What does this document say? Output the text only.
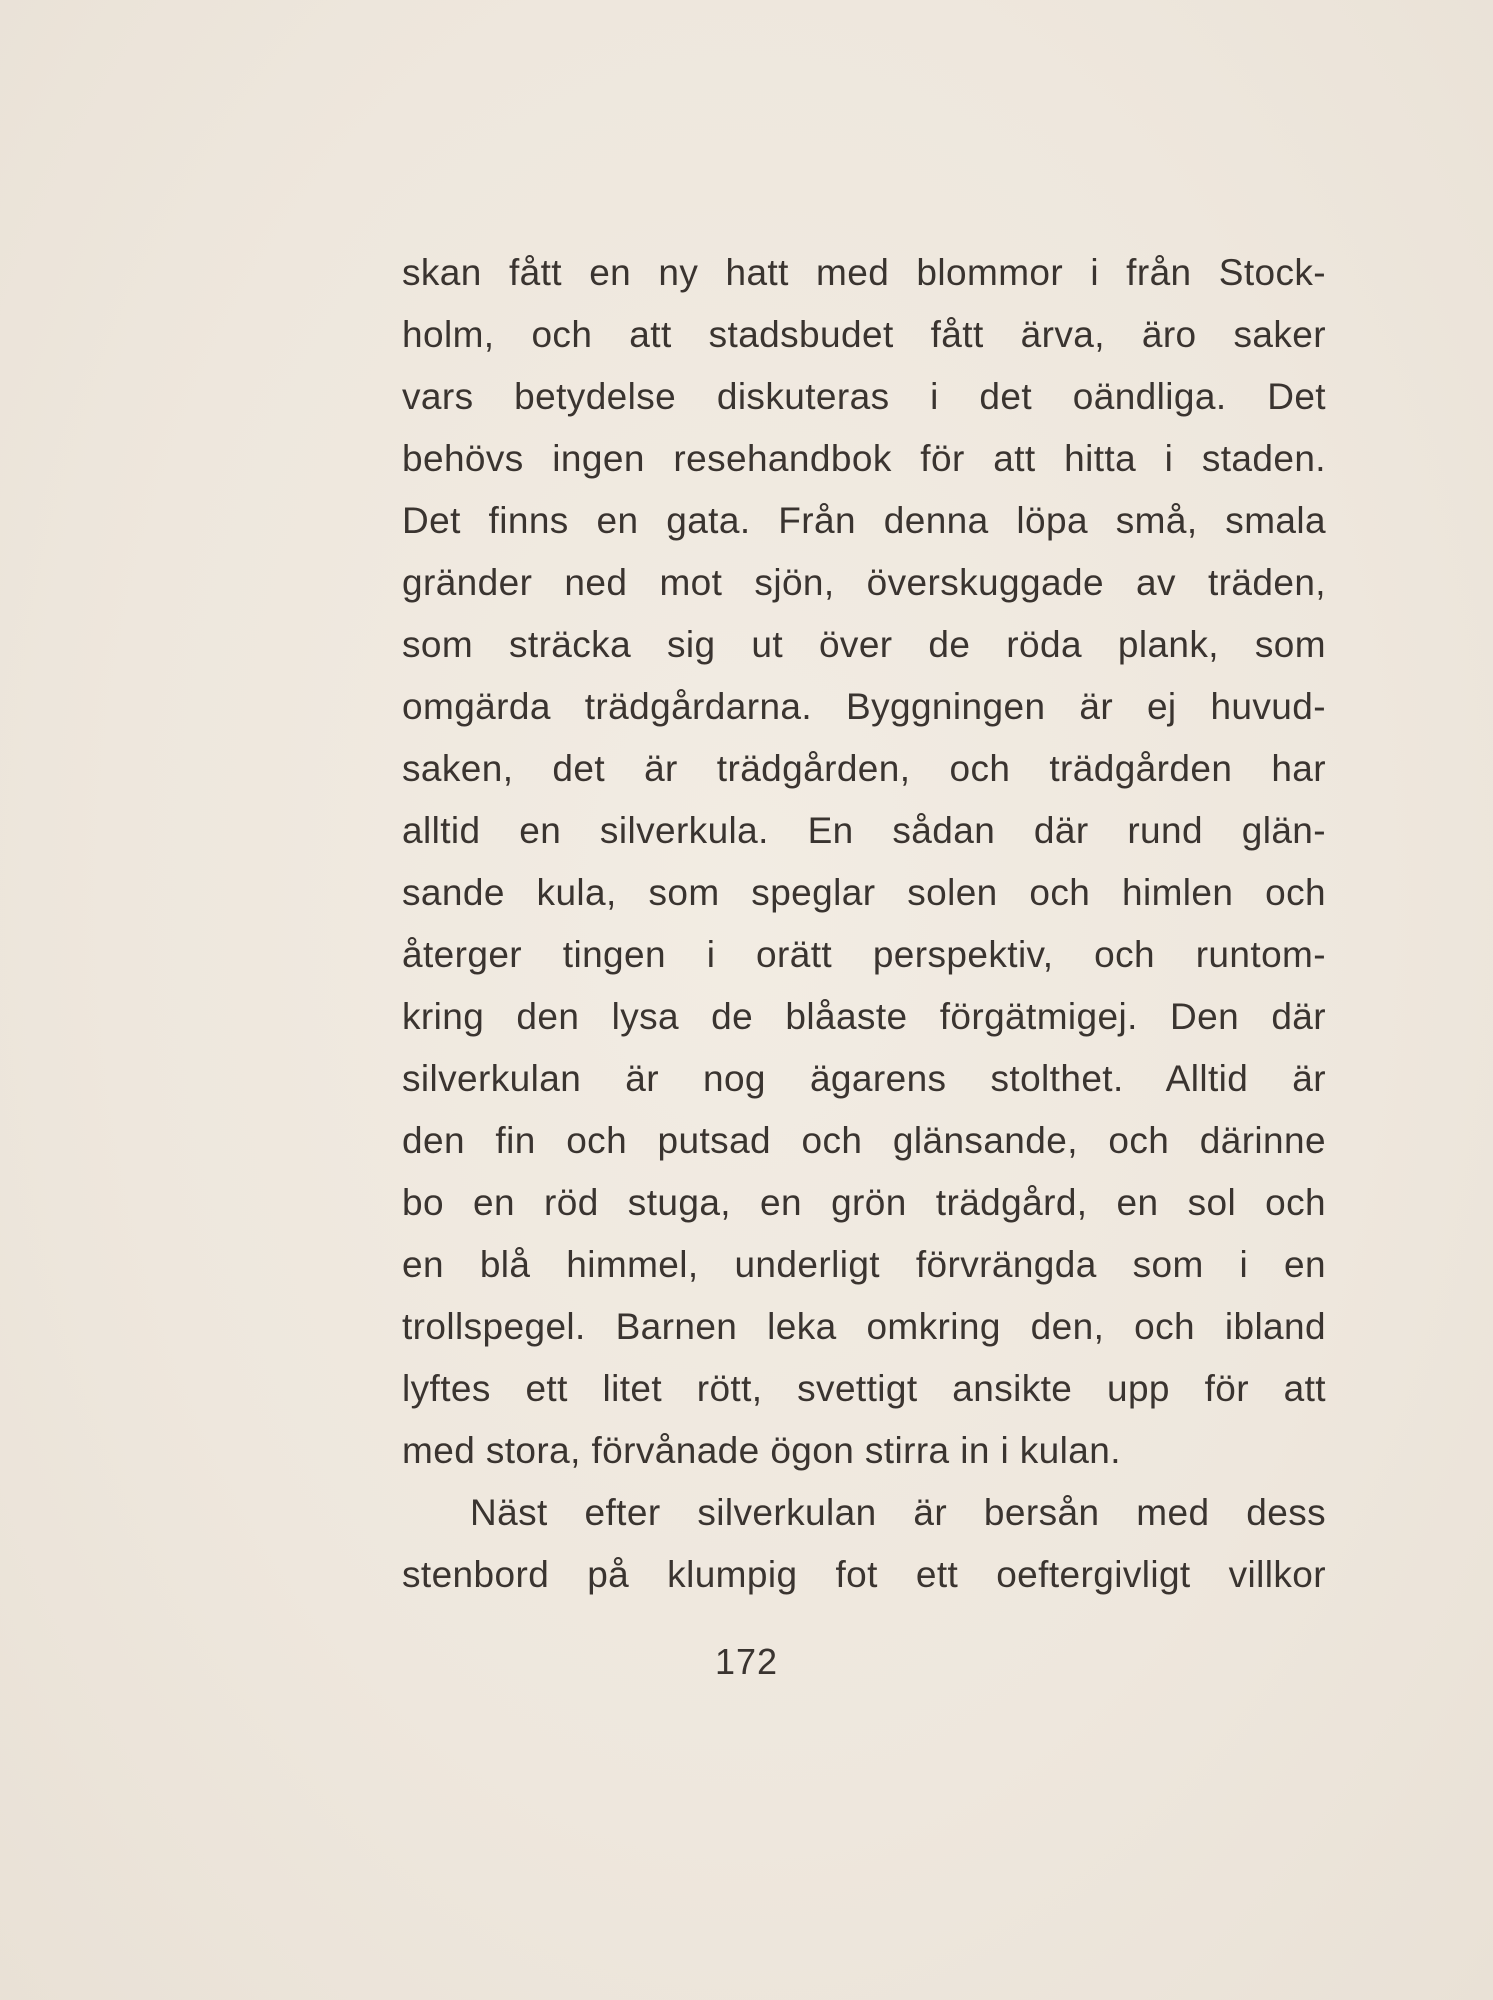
skan fått en ny hatt med blommor i från Stock-
holm, och att stadsbudet fått ärva, äro saker
vars betydelse diskuteras i det oändliga. Det
behövs ingen resehandbok för att hitta i staden.
Det finns en gata. Från denna löpa små, smala
gränder ned mot sjön, överskuggade av träden,
som sträcka sig ut över de röda plank, som
omgärda trädgårdarna. Byggningen är ej huvud-
saken, det är trädgården, och trädgården har
alltid en silverkula. En sådan där rund glän-
sande kula, som speglar solen och himlen och
återger tingen i orätt perspektiv, och runtom-
kring den lysa de blåaste förgätmigej. Den där
silverkulan är nog ägarens stolthet. Alltid är
den fin och putsad och glänsande, och därinne
bo en röd stuga, en grön trädgård, en sol och
en blå himmel, underligt förvrängda som i en
trollspegel. Barnen leka omkring den, och ibland
lyftes ett litet rött, svettigt ansikte upp för att
med stora, förvånade ögon stirra in i kulan.
Näst efter silverkulan är bersån med dess
stenbord på klumpig fot ett oeftergivligt villkor
172
